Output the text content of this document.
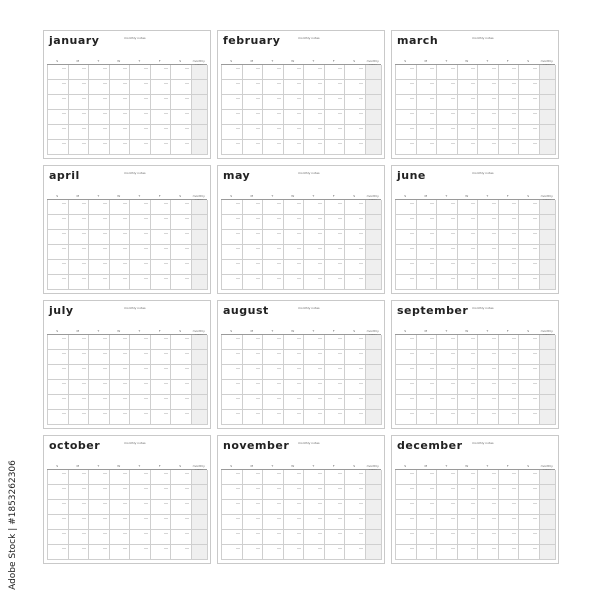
january	monthly notes
S	M	T	W	T	F	S	monthly
february	monthly notes
S	M	T	W	T	F	S	monthly
march	monthly notes
S	M	T	W	T	F	S	monthly
april	monthly notes
S	M	T	W	T	F	S	monthly
may	monthly notes
S	M	T	W	T	F	S	monthly
june	monthly notes
S	M	T	W	T	F	S	monthly
july	monthly notes
S	M	T	W	T	F	S	monthly
august	monthly notes
S	M	T	W	T	F	S	monthly
september monthly notes
S	M	T	W	T	F	S	monthly
october	monthly notes
S	M	T	W	T	F	S	monthly
november	monthly notes
S	M	T	W	T	F	S	monthly
december	monthly notes
S	M	T	W	T	F	S	monthly
Adobe Stock | #1853262306
